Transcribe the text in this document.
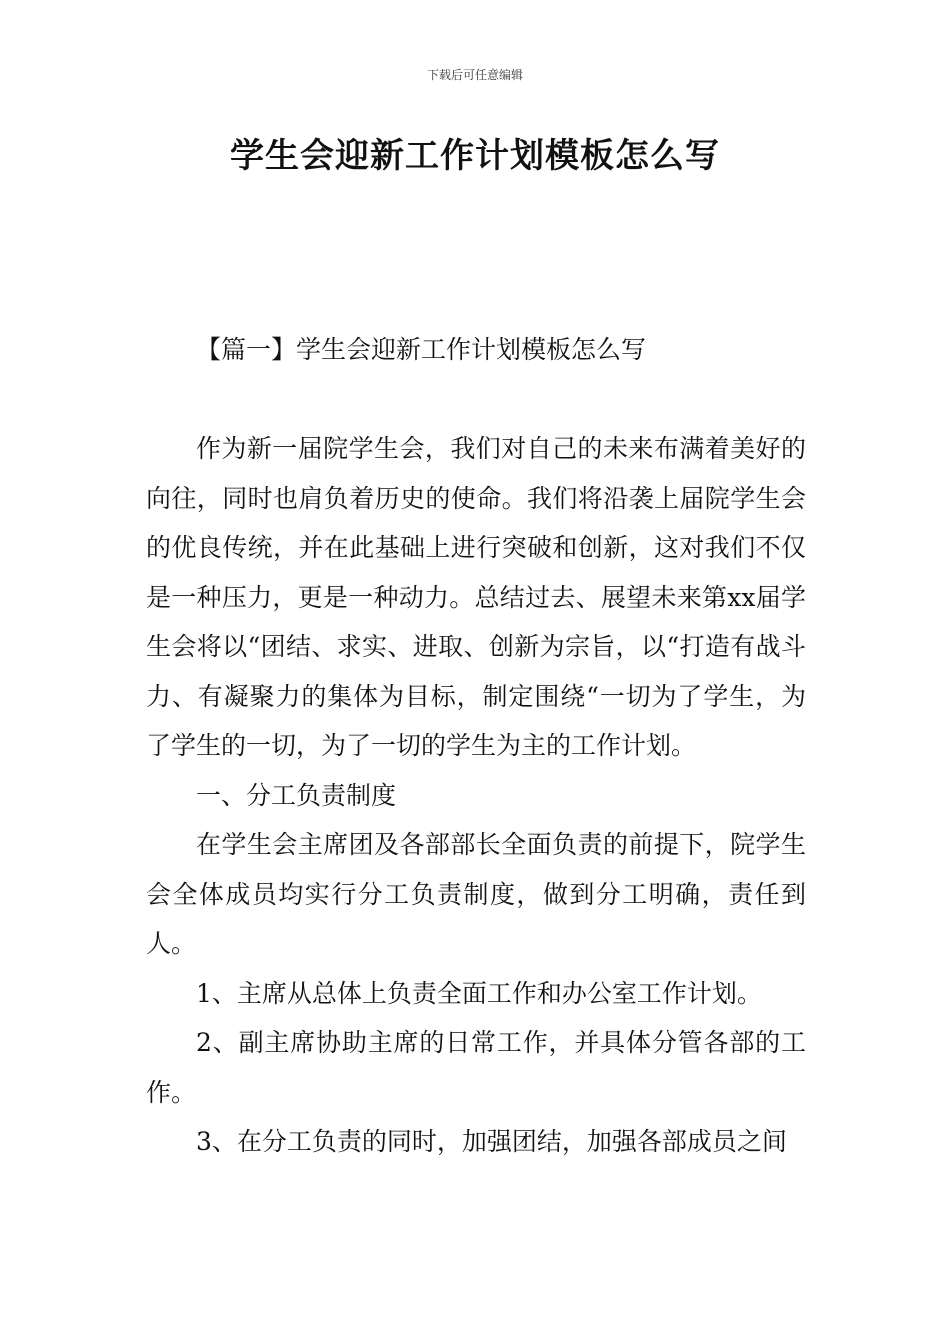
下载后可任意编辑
学生会迎新工作计划模板怎么写
【篇一】学生会迎新工作计划模板怎么写

作为新一届院学生会，我们对自己的未来布满着美好的向往，同时也肩负着历史的使命。我们将沿袭上届院学生会的优良传统，并在此基础上进行突破和创新，这对我们不仅是一种压力，更是一种动力。总结过去、展望未来第xx届学生会将以“团结、求实、进取、创新为宗旨，以“打造有战斗力、有凝聚力的集体为目标，制定围绕“一切为了学生，为了学生的一切，为了一切的学生为主的工作计划。

一、分工负责制度

在学生会主席团及各部部长全面负责的前提下，院学生会全体成员均实行分工负责制度，做到分工明确，责任到人。

1、主席从总体上负责全面工作和办公室工作计划。

2、副主席协助主席的日常工作，并具体分管各部的工作。

3、在分工负责的同时，加强团结，加强各部成员之间
